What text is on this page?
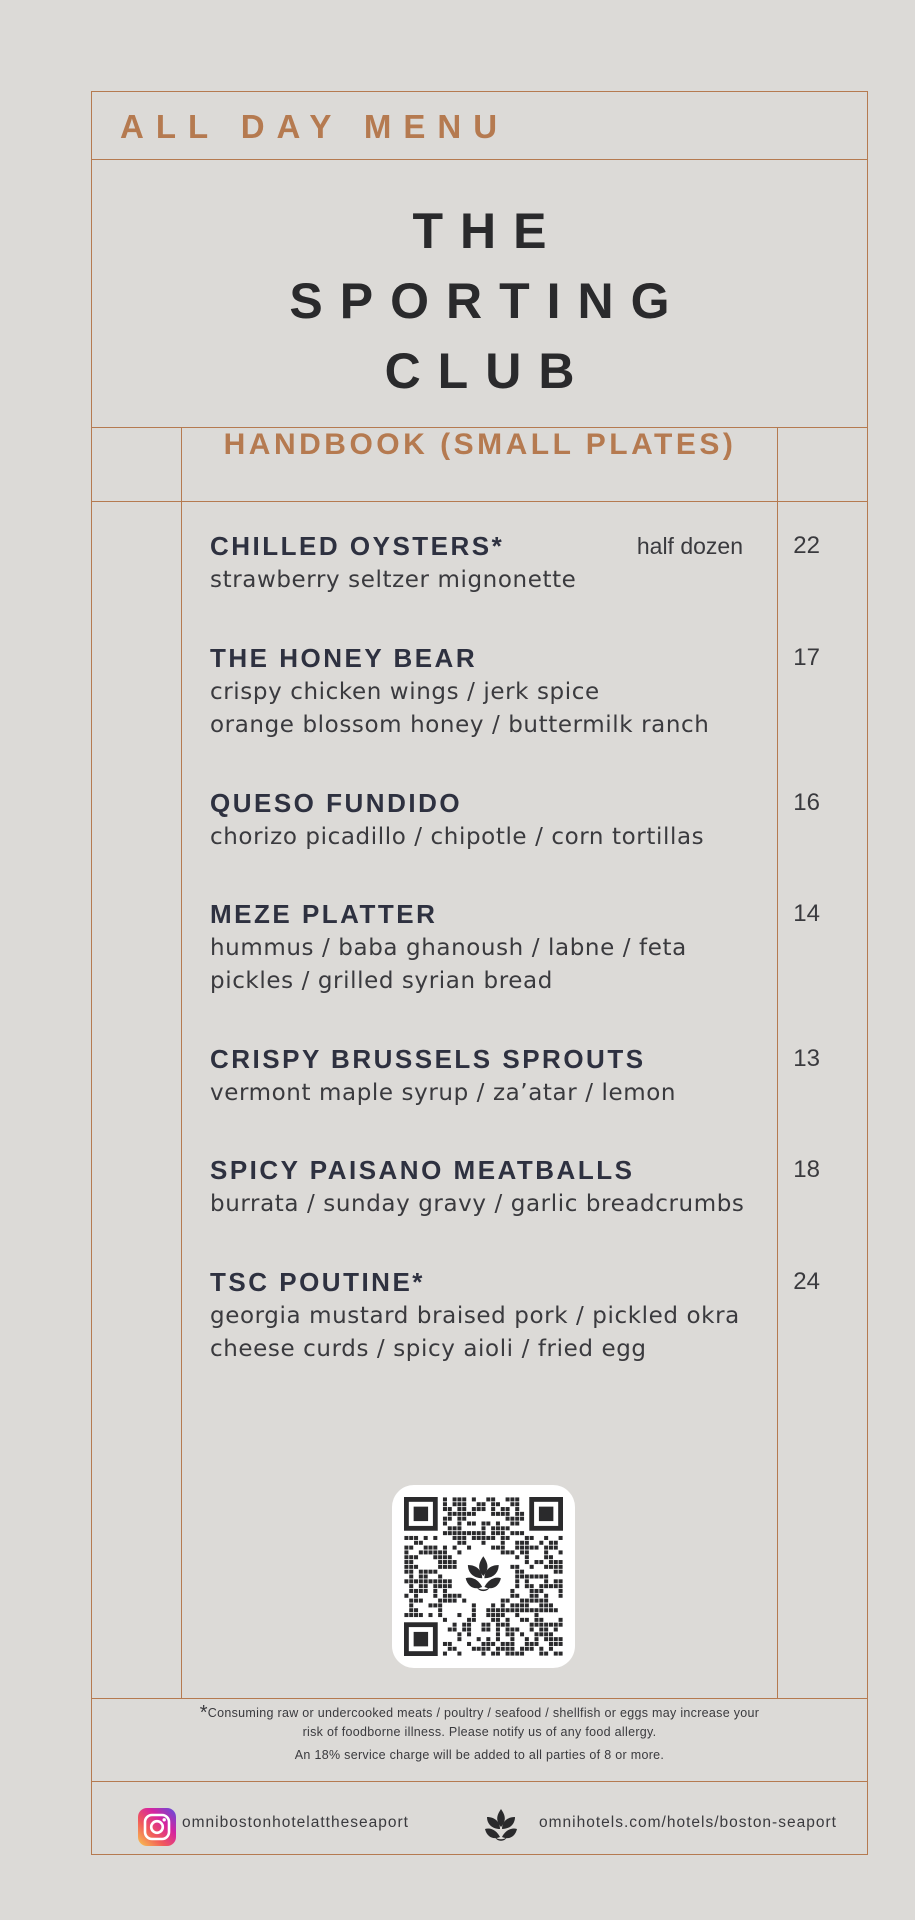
ALL DAY MENU
THE
SPORTING
CLUB
HANDBOOK (SMALL PLATES)
CHILLED OYSTERS*	half dozen 22
strawberry seltzer mignonette
THE HONEY BEAR	17
crispy chicken wings / jerk spice
orange blossom honey / buttermilk ranch
QUESO FUNDIDO	16
chorizo picadillo / chipotle / corn tortillas
MEZE PLATTER	14
hummus / baba ghanoush / labne / feta
pickles / grilled syrian bread
CRISPY BRUSSELS SPROUTS	13
vermont maple syrup / za’atar / lemon
SPICY PAISANO MEATBALLS	18
burrata / sunday gravy / garlic breadcrumbs
TSC POUTINE*	24
georgia mustard braised pork / pickled okra
cheese curds / spicy aioli / fried egg
*Consuming raw or undercooked meats / poultry / seafood / shellfish or eggs may increase your
risk of foodborne illness. Please notify us of any food allergy.
An 18% service charge will be added to all parties of 8 or more.
omnibostonhotelattheseaport	omnihotels.com/hotels/boston-seaport
